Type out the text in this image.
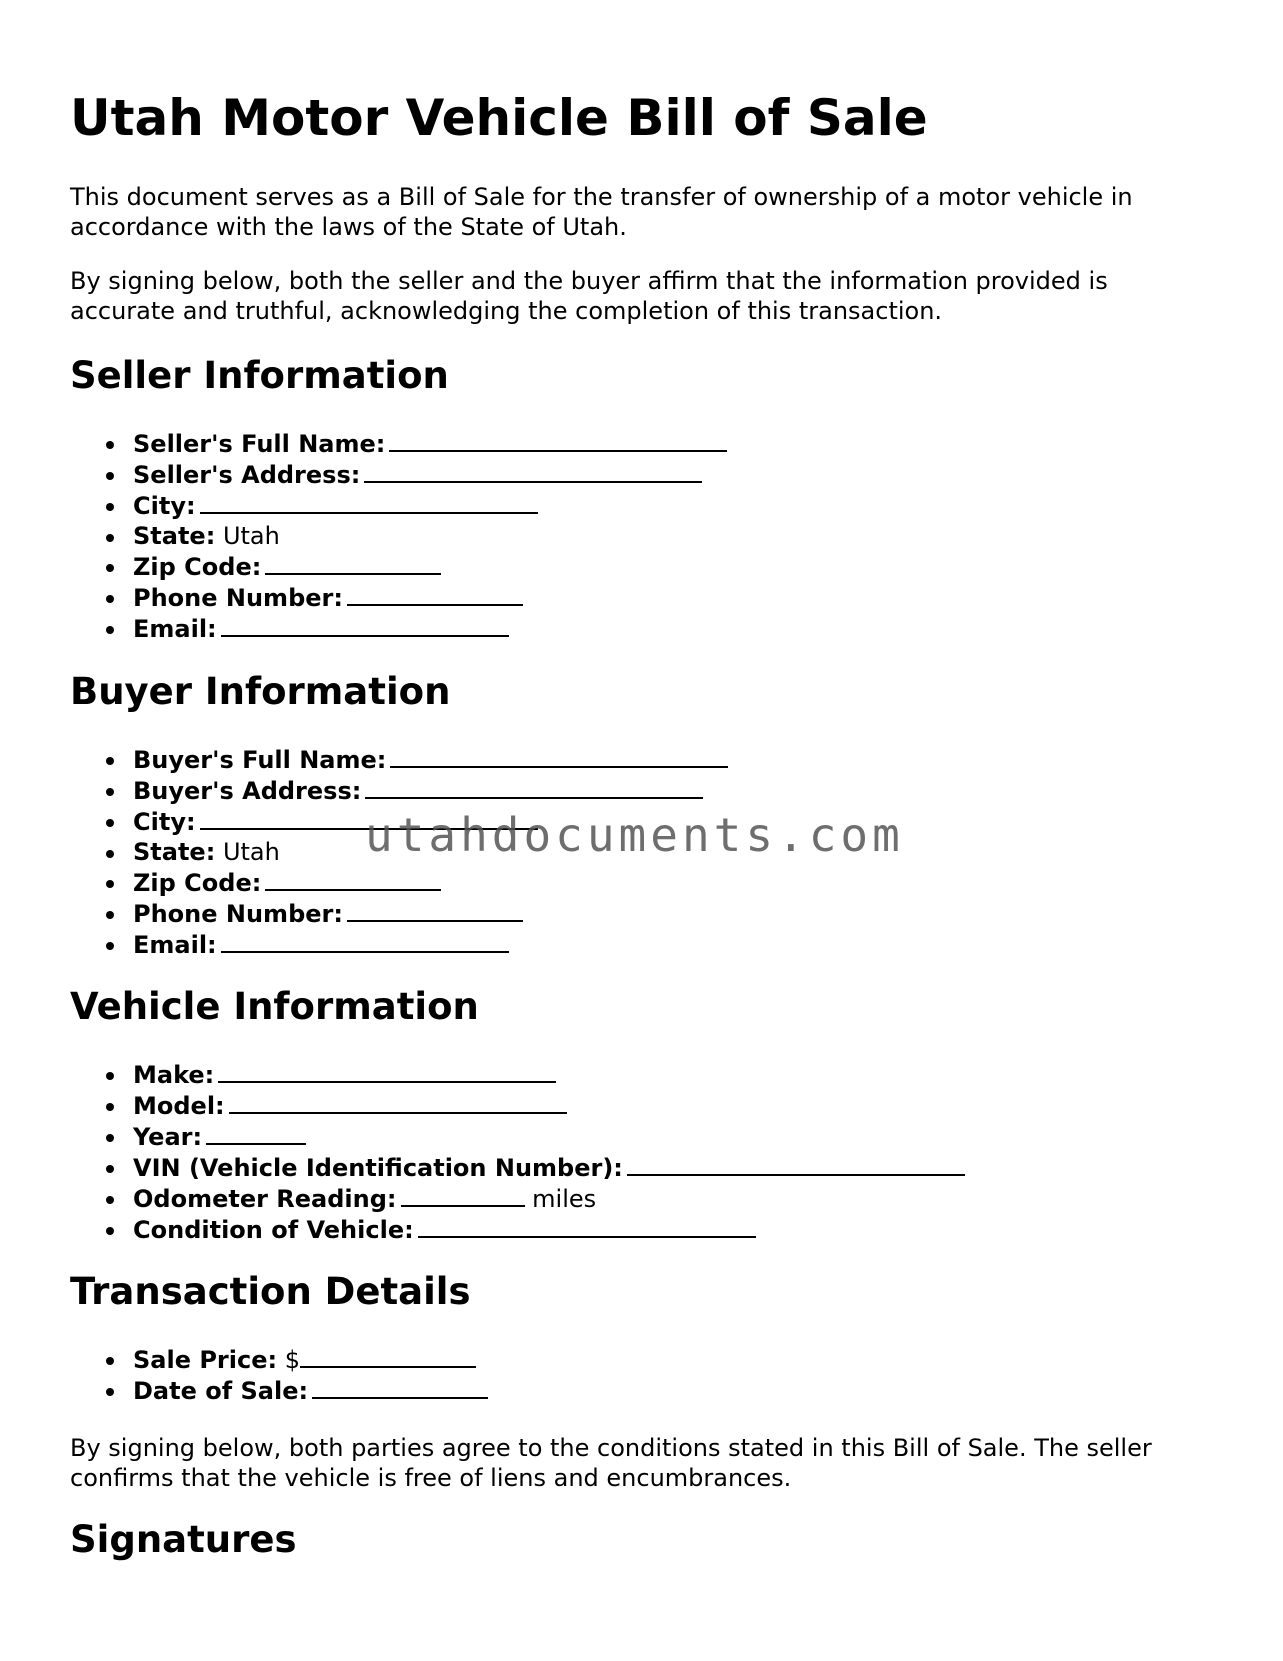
Utah Motor Vehicle Bill of Sale

This document serves as a Bill of Sale for the transfer of ownership of a motor vehicle in accordance with the laws of the State of Utah.

By signing below, both the seller and the buyer affirm that the information provided is accurate and truthful, acknowledging the completion of this transaction.

Seller Information
Seller's Full Name:
Seller's Address:
City:
State: Utah
Zip Code:
Phone Number:
Email:
Buyer Information
Buyer's Full Name:
Buyer's Address:
City:
State: Utah
Zip Code:
Phone Number:
Email:
Vehicle Information
Make:
Model:
Year:
VIN (Vehicle Identification Number):
Odometer Reading:	miles
Condition of Vehicle:
Transaction Details
Sale Price: $
Date of Sale:

By signing below, both parties agree to the conditions stated in this Bill of Sale. The seller confirms that the vehicle is free of liens and encumbrances.

Signatures
utahdocuments.com
